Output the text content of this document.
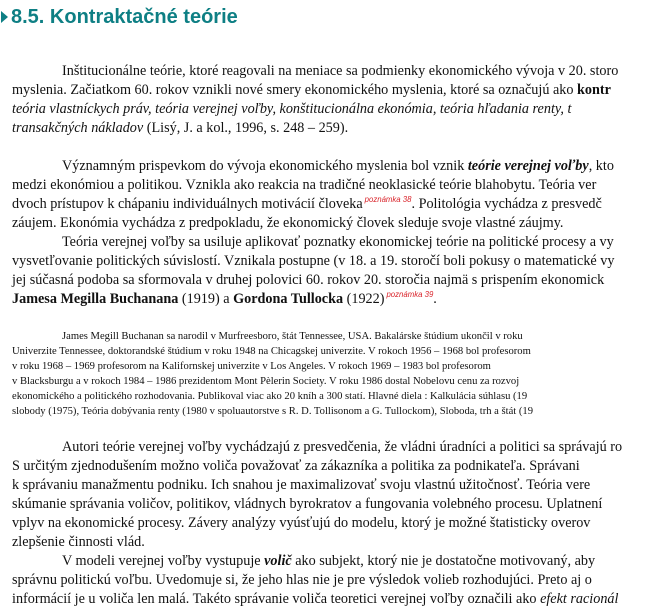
8.5.
Kontraktačné teórie
Inštitucionálne teórie, ktoré reagovali na meniace sa podmienky ekonomického vývoja v 20. storo
myslenia. Začiatkom 60. rokov vznikli nové smery ekonomického myslenia, ktoré sa označujú ako kontr
teória vlastníckych práv, teória verejnej voľby, konštitucionálna ekonómia, teória hľadania renty, t
transakčných nákladov (Lisý, J. a kol., 1996, s. 248 – 259).
Významným prispevkom do vývoja ekonomického myslenia bol vznik teórie verejnej voľby, kto
medzi ekonómiou a politikou. Vznikla ako reakcia na tradičné neoklasické teórie blahobytu. Teória ver
dvoch prístupov k chápaniu individuálnych motivácií človeka $^{poznámka 38}$. Politológia vychádza z presvedč
záujem. Ekonómia vychádza z predpokladu, že ekonomický človek sleduje svoje vlastné záujmy.
Teória verejnej voľby sa usiluje aplikovať poznatky ekonomickej teórie na politické procesy a vy
vysvetľovanie politických súvislostí. Vznikala postupne (v 18. a 19. storočí boli pokusy o matematické vy
jej súčasná podoba sa sformovala v druhej polovici 60. rokov 20. storočia najmä s prispením ekonomick
Jamesa Megilla Buchanana (1919) a Gordona Tullocka (1922) $^{poznámka 39}$.
James Megill Buchanan sa narodil v Murfreesboro, štát Tennessee, USA. Bakalárske štúdium ukončil v roku
Univerzite Tennessee, doktorandské štúdium v roku 1948 na Chicagskej univerzite. V rokoch 1956 – 1968 bol profesorom
v roku 1968 – 1969 profesorom na Kalifornskej univerzite v Los Angeles. V rokoch 1969 – 1983 bol profesorom
v Blacksburgu a v rokoch 1984 – 1986 prezidentom Mont Pèlerin Society. V roku 1986 dostal Nobelovu cenu za rozvoj
ekonomického a politického rozhodovania. Publikoval viac ako 20 kníh a 300 statí. Hlavné diela : Kalkulácia súhlasu (19
slobody (1975), Teória dobývania renty (1980 v spoluautorstve s R. D. Tollisonom a G. Tullockom), Sloboda, trh a štát (19
Autori teórie verejnej voľby vychádzajú z presvedčenia, že vládni úradníci a politici sa správajú ro
S určitým zjednodušením možno voliča považovať za zákazníka a politika za podnikateľa. Správani
k správaniu manažmentu podniku. Ich snahou je maximalizovať svoju vlastnú užitočnosť. Teória vere
skúmanie správania voličov, politikov, vládnych byrokratov a fungovania volebného procesu. Uplatnení
vplyv na ekonomické procesy. Závery analýzy vyúsťujú do modelu, ktorý je možné štatisticky overov
zlepšenie činnosti vlád.
V modeli verejnej voľby vystupuje volič ako subjekt, ktorý nie je dostatočne motivovaný, aby
správnu politickú voľbu. Uvedomuje si, že jeho hlas nie je pre výsledok volieb rozhodujúci. Preto aj o
informácií je u voliča len malá. Takéto správanie voliča teoretici verejnej voľby označili ako efekt racionál
